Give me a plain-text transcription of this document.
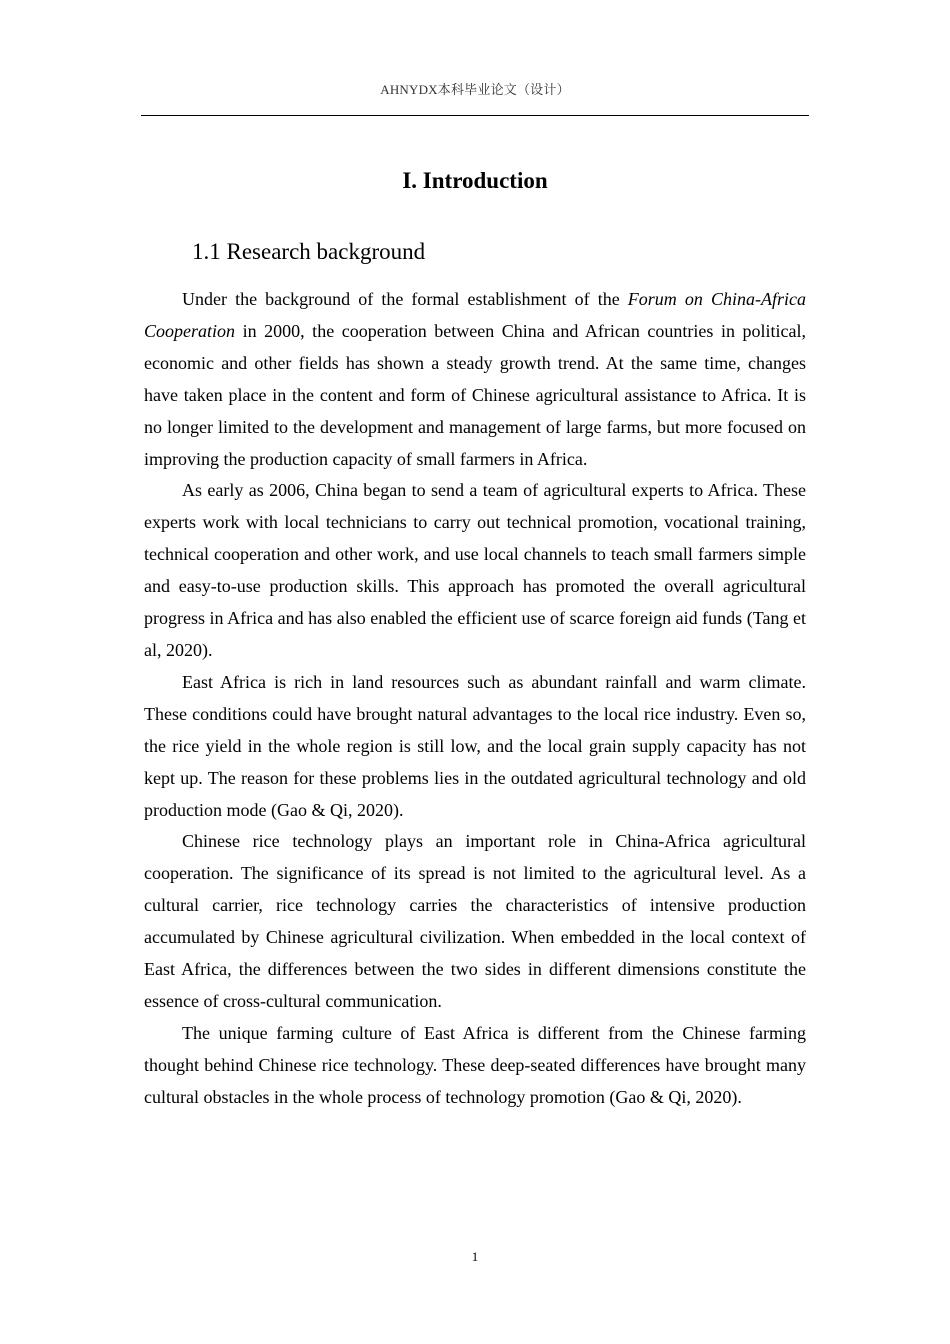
AHNYDX本科毕业论文（设计）
I. Introduction
1.1 Research background

Under the background of the formal establishment of the Forum on China-Africa Cooperation in 2000, the cooperation between China and African countries in political, economic and other fields has shown a steady growth trend. At the same time, changes have taken place in the content and form of Chinese agricultural assistance to Africa. It is no longer limited to the development and management of large farms, but more focused on improving the production capacity of small farmers in Africa.

As early as 2006, China began to send a team of agricultural experts to Africa. These experts work with local technicians to carry out technical promotion, vocational training, technical cooperation and other work, and use local channels to teach small farmers simple and easy-to-use production skills. This approach has promoted the overall agricultural progress in Africa and has also enabled the efficient use of scarce foreign aid funds (Tang et al, 2020).

East Africa is rich in land resources such as abundant rainfall and warm climate. These conditions could have brought natural advantages to the local rice industry. Even so, the rice yield in the whole region is still low, and the local grain supply capacity has not kept up. The reason for these problems lies in the outdated agricultural technology and old production mode (Gao & Qi, 2020).

Chinese rice technology plays an important role in China-Africa agricultural cooperation. The significance of its spread is not limited to the agricultural level. As a cultural carrier, rice technology carries the characteristics of intensive production accumulated by Chinese agricultural civilization. When embedded in the local context of East Africa, the differences between the two sides in different dimensions constitute the essence of cross-cultural communication.

The unique farming culture of East Africa is different from the Chinese farming thought behind Chinese rice technology. These deep-seated differences have brought many cultural obstacles in the whole process of technology promotion (Gao & Qi, 2020).

1
